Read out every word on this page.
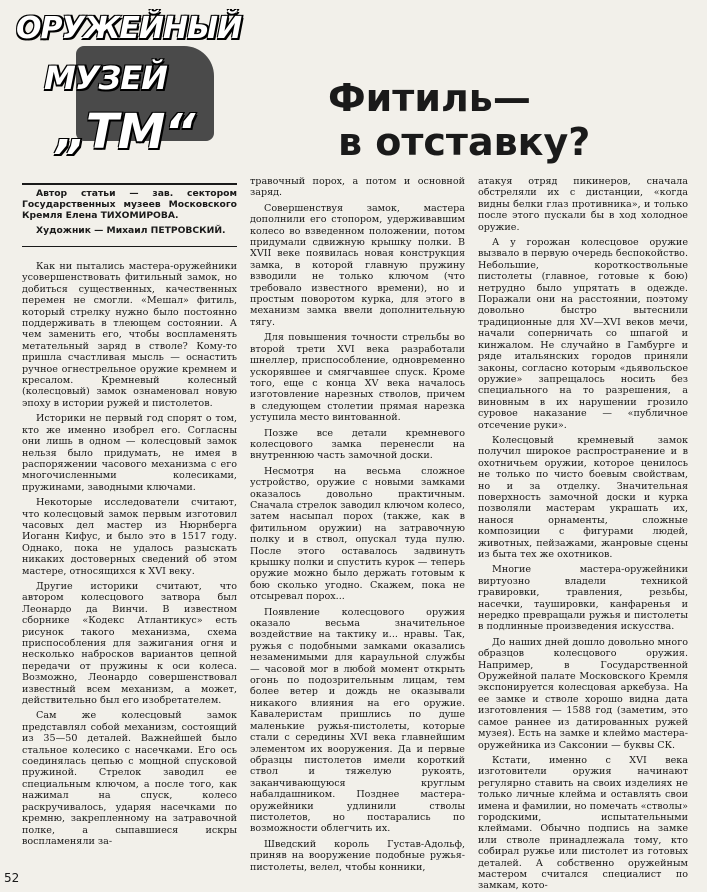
ОРУЖЕЙНЫЙ
МУЗЕЙ
„ТМ“
Фитиль—
в отставку?

Автор статьи — зав. сектором Государственных музеев Московского Кремля Елена ТИХОМИРОВА.

Художник — Михаил ПЕТРОВСКИЙ.

Как ни пытались мастера-оружейники усовершенствовать фитильный замок, но добиться существенных, качественных перемен не смогли. «Мешал» фитиль, который стрелку нужно было постоянно поддерживать в тлеющем состоянии. А чем заменить его, чтобы воспламенять метательный заряд в стволе? Кому-то пришла счастливая мысль — оснастить ручное огнестрельное оружие кремнем и кресалом. Кремневый колесный (колесцовый) замок ознаменовал новую эпоху в истории ружей и пистолетов.

Историки не первый год спорят о том, кто же именно изобрел его. Согласны они лишь в одном — колесцовый замок нельзя было придумать, не имея в распоряжении часового механизма с его многочисленными колесиками, пружинами, заводными ключами.

Некоторые исследователи считают, что колесцовый замок первым изготовил часовых дел мастер из Нюрнберга Иоганн Кифус, и было это в 1517 году. Однако, пока не удалось разыскать никаких достоверных сведений об этом мастере, относящихся к XVI веку.

Другие историки считают, что автором колесцового затвора был Леонардо да Винчи. В известном сборнике «Кодекс Атлантикус» есть рисунок такого механизма, схема приспособления для зажигания огня и несколько набросков вариантов цепной передачи от пружины к оси колеса. Возможно, Леонардо совершенствовал известный всем механизм, а может, действительно был его изобретателем.

Сам же колесцовый замок представлял собой механизм, состоящий из 35—50 деталей. Важнейшей было стальное колесико с насечками. Его ось соединялась цепью с мощной спусковой пружиной. Стрелок заводил ее специальным ключом, а после того, как нажимал на спуск, колесо раскручивалось, ударяя насечками по кремню, закрепленному на затравочной полке, а сыпавшиеся искры воспламеняли за-

травочный порох, а потом и основной заряд.

Совершенствуя замок, мастера дополнили его стопором, удерживавшим колесо во взведенном положении, потом придумали сдвижную крышку полки. В XVII веке появилась новая конструкция замка, в которой главную пружину взводили не только ключом (что требовало известного времени), но и простым поворотом курка, для этого в механизм замка ввели дополнительную тягу.

Для повышения точности стрельбы во второй трети XVI века разработали шнеллер, приспособление, одновременно ускорявшее и смягчавшее спуск. Кроме того, еще с конца XV века началось изготовление нарезных стволов, причем в следующем столетии прямая нарезка уступила место винтованной.

Позже все детали кремневого колесцового замка перенесли на внутреннюю часть замочной доски.

Несмотря на весьма сложное устройство, оружие с новыми замками оказалось довольно практичным. Сначала стрелок заводил ключом колесо, затем насыпал порох (также, как в фитильном оружии) на затравочную полку и в ствол, опускал туда пулю. После этого оставалось задвинуть крышку полки и спустить курок — теперь оружие можно было держать готовым к бою сколько угодно. Скажем, пока не отсыревал порох...

Появление колесцового оружия оказало весьма значительное воздействие на тактику и... нравы. Так, ружья с подобными замками оказались незаменимыми для караульной службы — часовой мог в любой момент открыть огонь по подозрительным лицам, тем более ветер и дождь не оказывали никакого влияния на его оружие. Кавалеристам пришлись по душе маленькие ружья-пистолеты, которые стали с середины XVI века главнейшим элементом их вооружения. Да и первые образцы пистолетов имели короткий ствол и тяжелую рукоять, заканчивающуюся круглым набалдашником. Позднее мастера-оружейники удлинили стволы пистолетов, но постарались по возможности облегчить их.

Шведский король Густав-Адольф, приняв на вооружение подобные ружья-пистолеты, велел, чтобы конники,

атакуя отряд пикинеров, сначала обстреляли их с дистанции, «когда видны белки глаз противника», и только после этого пускали бы в ход холодное оружие.

А у горожан колесцовое оружие вызвало в первую очередь беспокойство. Небольшие, короткоствольные пистолеты (главное, готовые к бою) нетрудно было упрятать в одежде. Поражали они на расстоянии, поэтому довольно быстро вытеснили традиционные для XV—XVI веков мечи, начали соперничать со шпагой и кинжалом. Не случайно в Гамбурге и ряде итальянских городов приняли законы, согласно которым «дьявольское оружие» запрещалось носить без специального на то разрешения, а виновным в их нарушении грозило суровое наказание — «публичное отсечение руки».

Колесцовый кремневый замок получил широкое распространение и в охотничьем оружии, которое ценилось не только по чисто боевым свойствам, но и за отделку. Значительная поверхность замочной доски и курка позволяли мастерам украшать их, нанося орнаменты, сложные композиции с фигурами людей, животных, пейзажами, жанровые сцены из быта тех же охотников.

Многие мастера-оружейники виртуозно владели техникой гравировки, травления, резьбы, насечки, таушировки, канфаренья и нередко превращали ружья и пистолеты в подлинные произведения искусства.

До наших дней дошло довольно много образцов колесцового оружия. Например, в Государственной Оружейной палате Московского Кремля экспонируется колесцовая аркебуза. На ее замке и стволе хорошо видна дата изготовления — 1588 год (заметим, это самое раннее из датированных ружей музея). Есть на замке и клеймо мастера-оружейника из Саксонии — буквы СК.

Кстати, именно с XVI века изготовители оружия начинают регулярно ставить на своих изделиях не только личные клейма и оставлять свои имена и фамилии, но помечать «стволы» городскими, испытательными клеймами. Обычно подпись на замке или стволе принадлежала тому, кто собирал ружье или пистолет из готовых деталей. А собственно оружейным мастером считался специалист по замкам, кото-

52
